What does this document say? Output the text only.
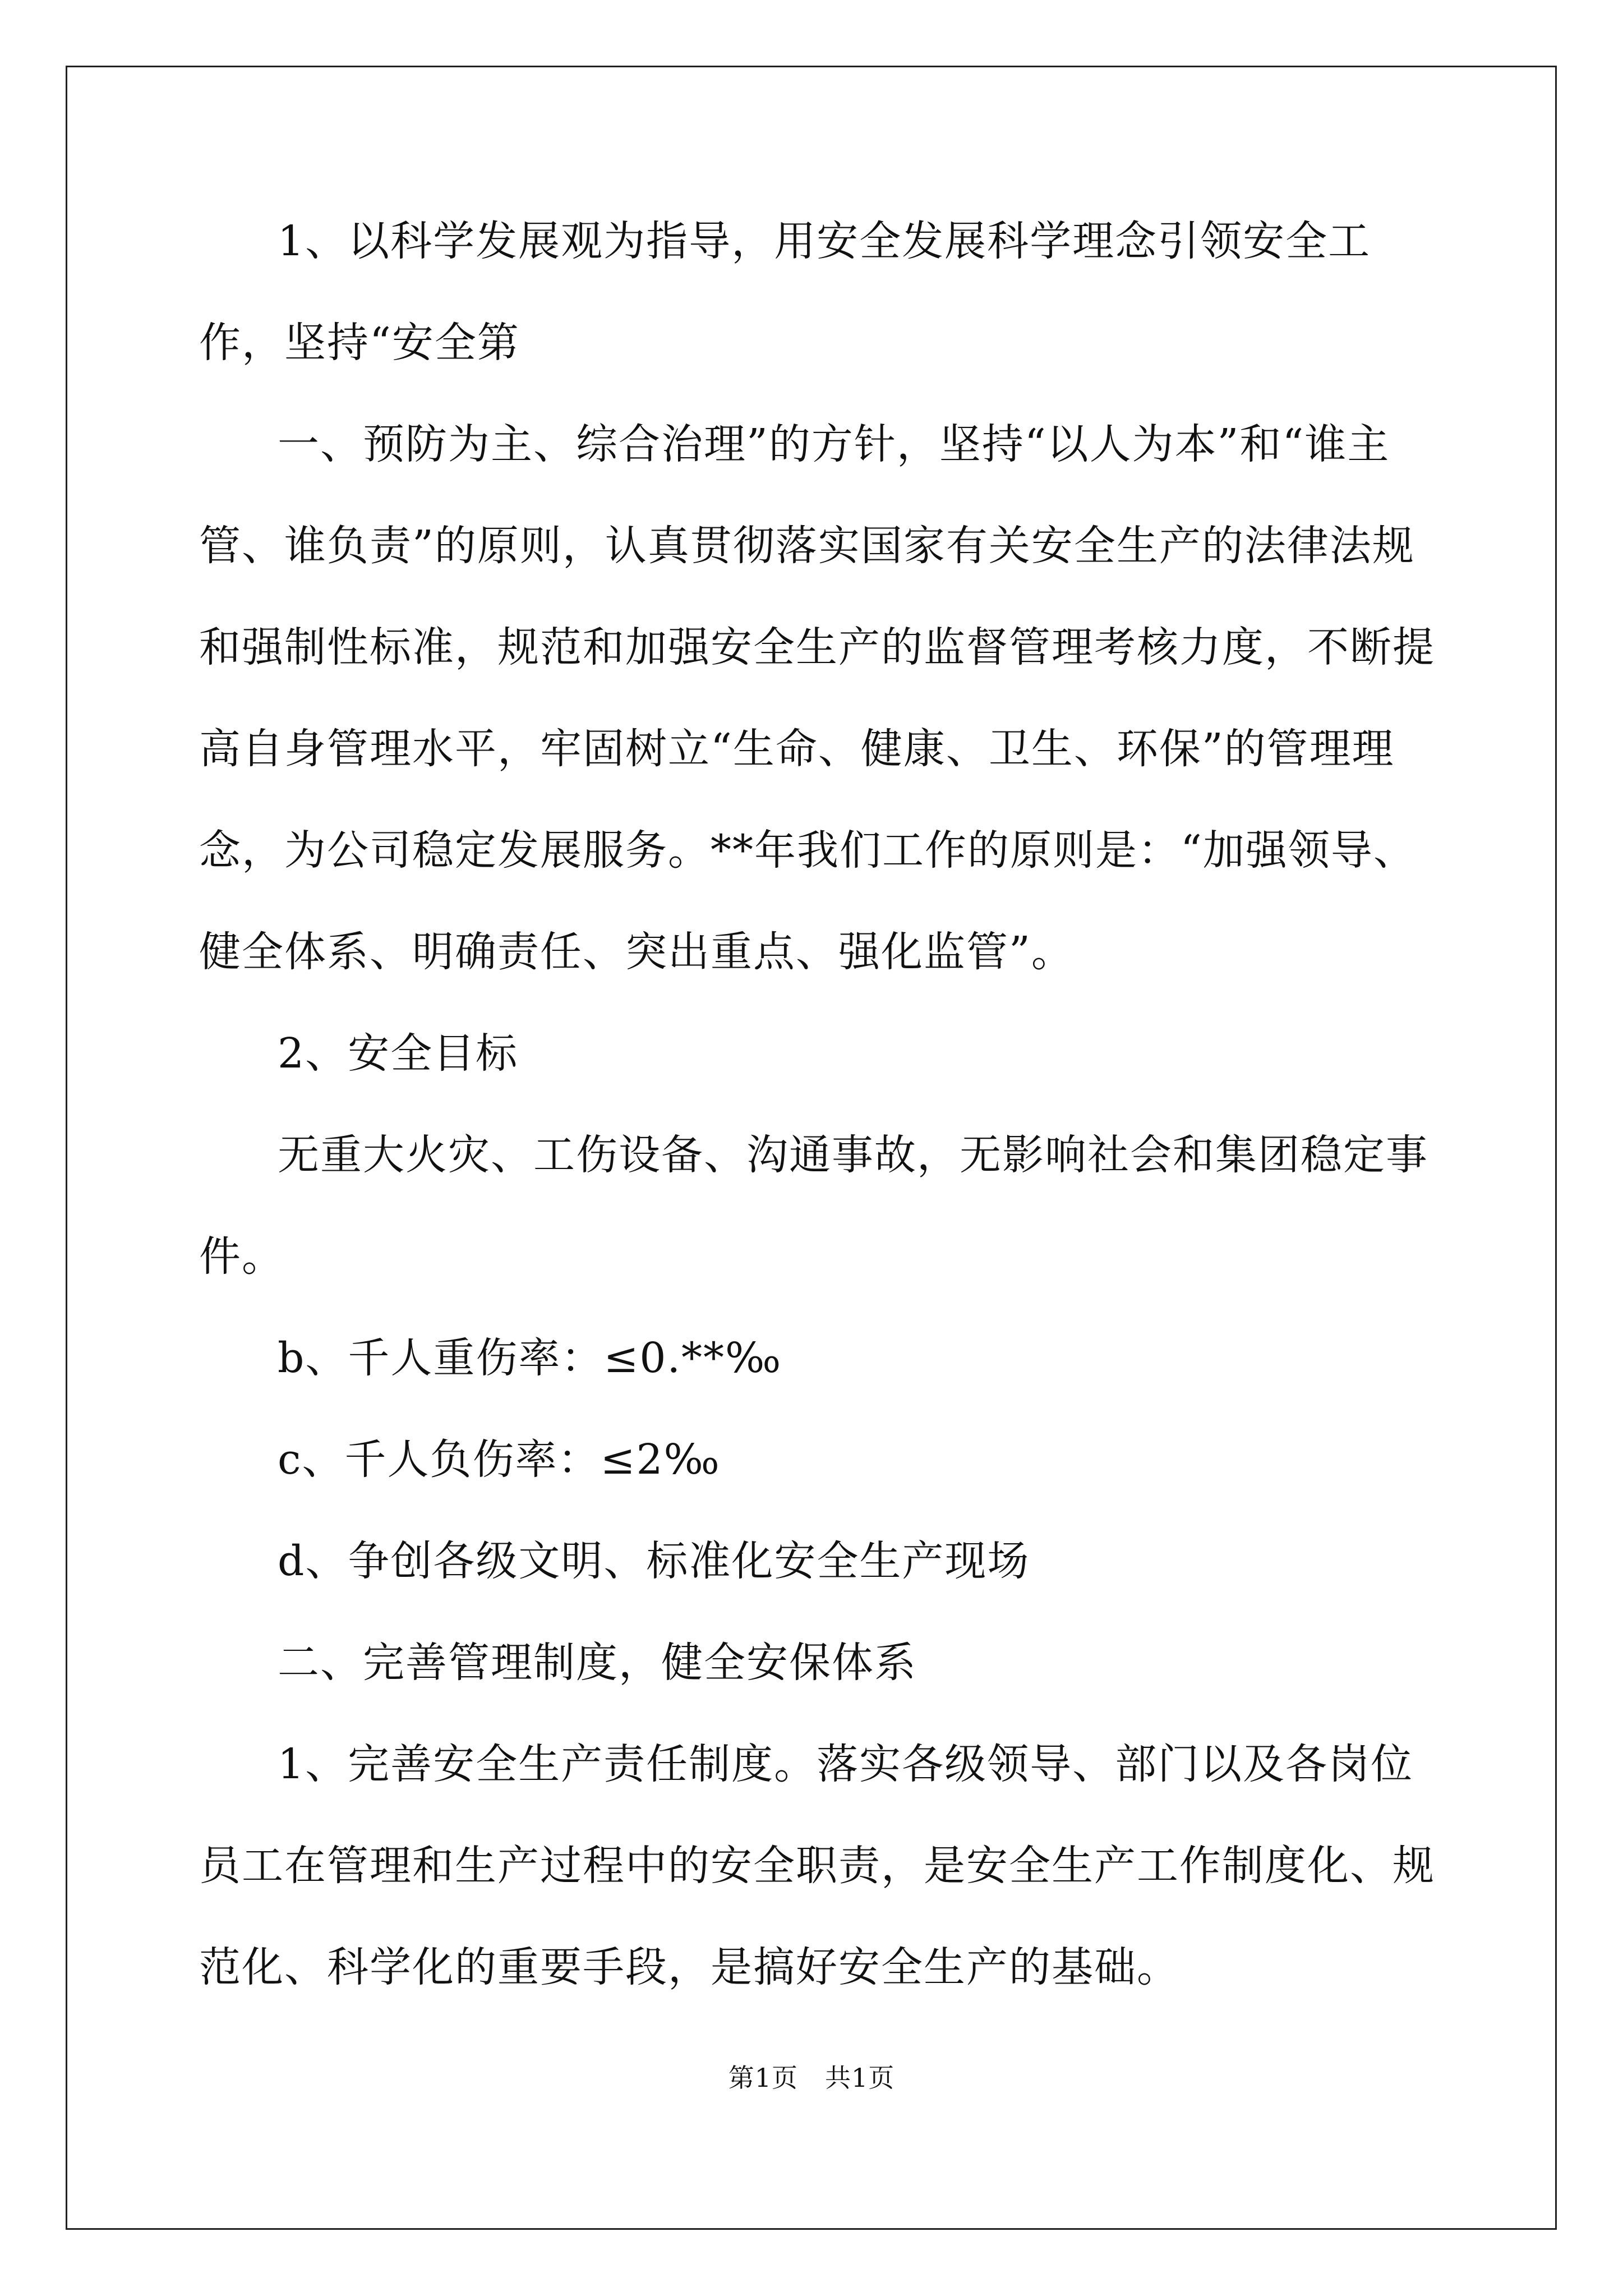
1、以科学发展观为指导，用安全发展科学理念引领安全工作，坚持“安全第

一、预防为主、综合治理”的方针，坚持“以人为本”和“谁主管、谁负责”的原则，认真贯彻落实国家有关安全生产的法律法规和强制性标准，规范和加强安全生产的监督管理考核力度，不断提高自身管理水平，牢固树立“生命、健康、卫生、环保”的管理理念，为公司稳定发展服务。**年我们工作的原则是：“加强领导、健全体系、明确责任、突出重点、强化监管”。

2、安全目标

无重大火灾、工伤设备、沟通事故，无影响社会和集团稳定事件。

b、千人重伤率：≤0.**‰

c、千人负伤率：≤2‰

d、争创各级文明、标准化安全生产现场

二、完善管理制度，健全安保体系

1、完善安全生产责任制度。落实各级领导、部门以及各岗位员工在管理和生产过程中的安全职责，是安全生产工作制度化、规范化、科学化的重要手段，是搞好安全生产的基础。

第1页 共1页
